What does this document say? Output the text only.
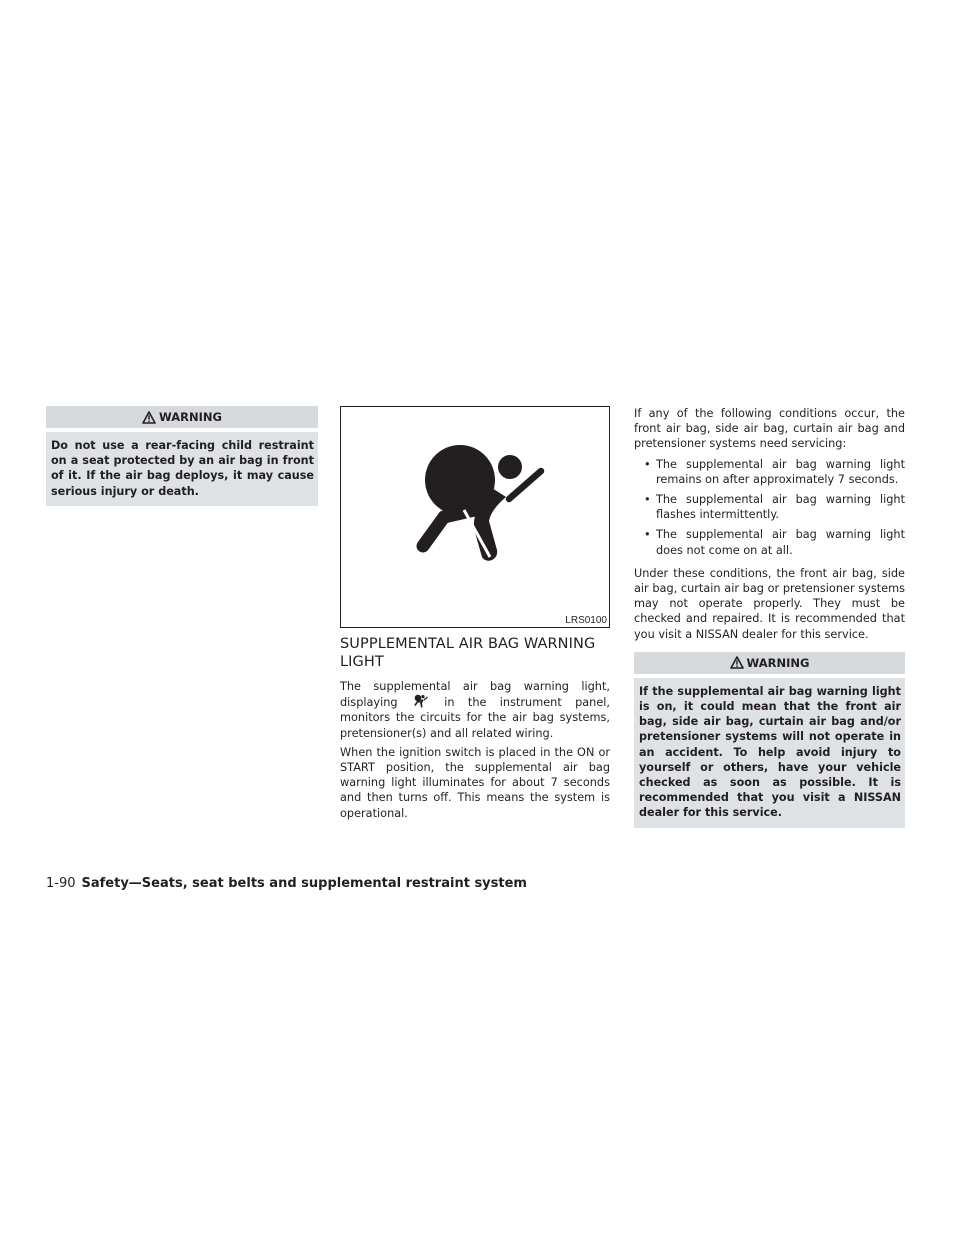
WARNING
Do not use a rear-facing child restraint on a seat protected by an air bag in front of it. If the air bag deploys, it may cause serious injury or death.
LRS0100
SUPPLEMENTAL AIR BAG WARNING LIGHT

The supplemental air bag warning light, displaying	in the instrument panel, monitors the circuits for the air bag systems, pretensioner(s) and all related wiring.

When the ignition switch is placed in the ON or START position, the supplemental air bag warning light illuminates for about 7 seconds and then turns off. This means the system is operational.

If any of the following conditions occur, the front air bag, side air bag, curtain air bag and pretensioner systems need servicing:

• The supplemental air bag warning light remains on after approximately 7 seconds.
• The supplemental air bag warning light flashes intermittently.
• The supplemental air bag warning light does not come on at all.

Under these conditions, the front air bag, side air bag, curtain air bag or pretensioner systems may not operate properly. They must be checked and repaired. It is recommended that you visit a NISSAN dealer for this service.

WARNING
If the supplemental air bag warning light is on, it could mean that the front air bag, side air bag, curtain air bag and/or pretensioner systems will not operate in an accident. To help avoid injury to yourself or others, have your vehicle checked as soon as possible. It is recommended that you visit a NISSAN dealer for this service.
1-90 Safety—Seats, seat belts and supplemental restraint system
